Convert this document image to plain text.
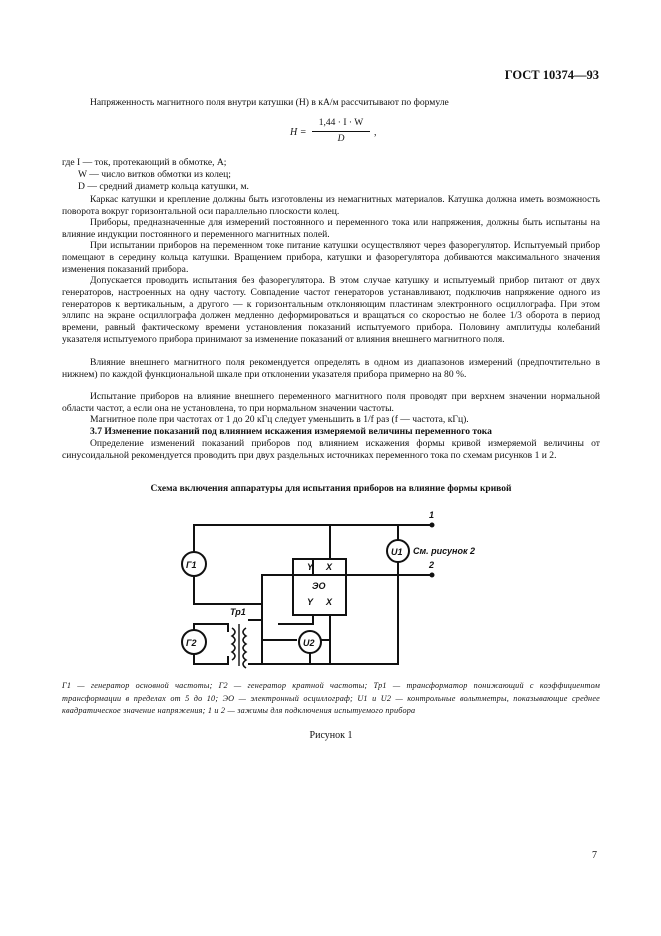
ГОСТ 10374—93

Напряженность магнитного поля внутри катушки (H) в кА/м рассчитывают по формуле

H =
1,44 · I · W
D
,
где I — ток, протекающий в обмотке, А;
W — число витков обмотки из колец;
D — средний диаметр кольца катушки, м.

Каркас катушки и крепление должны быть изготовлены из немагнитных материалов. Катушка должна иметь возможность поворота вокруг горизонтальной оси параллельно плоскости колец.

Приборы, предназначенные для измерений постоянного и переменного тока или напряжения, должны быть испытаны на влияние индукции постоянного и переменного магнитных полей.

При испытании приборов на переменном токе питание катушки осуществляют через фазорегулятор. Испытуемый прибор помещают в середину кольца катушки. Вращением прибора, катушки и фазорегулятора добиваются максимального значения изменения показаний прибора.

Допускается проводить испытания без фазорегулятора. В этом случае катушку и испытуемый прибор питают от двух генераторов, настроенных на одну частоту. Совпадение частот генераторов устанавливают, подключив напряжение одного из генераторов к вертикальным, а другого — к горизонтальным отклоняющим пластинам электронного осциллографа. При этом эллипс на экране осциллографа должен медленно деформироваться и вращаться со скоростью не более 1/3 оборота в период времени, равный фактическому времени установления показаний испытуемого прибора. Половину амплитуды колебаний указателя испытуемого прибора принимают за изменение показаний от влияния внешнего магнитного поля.

Влияние внешнего магнитного поля рекомендуется определять в одном из диапазонов измерений (предпочтительно в нижнем) по каждой функциональной шкале при отклонении указателя прибора примерно на 80 %.

Испытание приборов на влияние внешнего переменного магнитного поля проводят при верхнем значении нормальной области частот, а если она не установлена, то при нормальном значении частоты.

Магнитное поле при частотах от 1 до 20 кГц следует уменьшить в 1/f раз (f — частота, кГц).

3.7 Изменение показаний под влиянием искажения измеряемой величины переменного тока

Определение изменений показаний приборов под влиянием искажения формы кривой измеряемой величины от синусоидальной рекомендуется проводить при двух раздельных источниках переменного тока по схемам рисунков 1 и 2.

Схема включения аппаратуры для испытания приборов на влияние формы кривой
Г1
Г2
Тр1
U1
U2
ЭО
Y X
Y X
1
2
См. рисунок 2
Г1 — генератор основной частоты; Г2 — генератор кратной частоты; Тр1 — трансформатор понижающий с коэффициентом трансформации в пределах от 5 до 10; ЭО — электронный осциллограф; U1 и U2 — контрольные вольтметры, показывающие среднее квадратическое значение напряжения; 1 и 2 — зажимы для подключения испытуемого прибора
Рисунок 1
7
